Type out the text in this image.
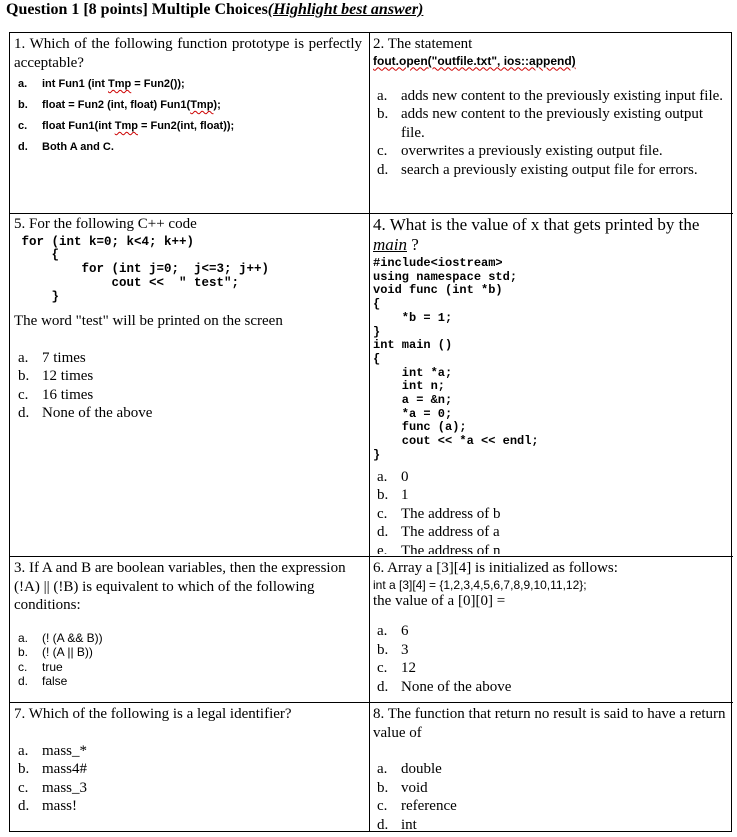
Question 1 [8 points] Multiple Choices(Highlight best answer)
1. Which of the following function prototype is perfectly acceptable?
a. int Fun1 (int Tmp = Fun2());
b. float = Fun2 (int, float) Fun1(Tmp);
c. float Fun1(int Tmp = Fun2(int, float));
d. Both A and C.
2. The statement
fout.open("outfile.txt", ios::append)
a. adds new content to the previously existing input file.
b. adds new content to the previously existing output file.
c. overwrites a previously existing output file.
d. search a previously existing output file for errors.
5. For the following C++ code
for (int k=0; k<4; k++)
{
for (int j=0;  j<=3; j++)
cout <<  " test";
}
The word "test" will be printed on the screen
a. 7 times
b. 12 times
c. 16 times
d. None of the above
4. What is the value of x that gets printed by the
main ?
#include<iostream>
using namespace std;
void func (int *b)
{
*b = 1;
}
int main ()
{
int *a;
int n;
a = &n;
*a = 0;
func (a);
cout << *a << endl;
}
a. 0
b. 1
c. The address of b
d. The address of a
e. The address of n
3. If A and B are boolean variables, then the expression (!A) || (!B) is equivalent to which of the following conditions:
a. (! (A && B))
b. (! (A || B))
c. true
d. false
6. Array a [3][4] is initialized as follows:
int a [3][4] = {1,2,3,4,5,6,7,8,9,10,11,12};
the value of a [0][0] =
a. 6
b. 3
c. 12
d. None of the above
7. Which of the following is a legal identifier?
a. mass_*
b. mass4#
c. mass_3
d. mass!
8. The function that return no result is said to have a return value of
a. double
b. void
c. reference
d. int
